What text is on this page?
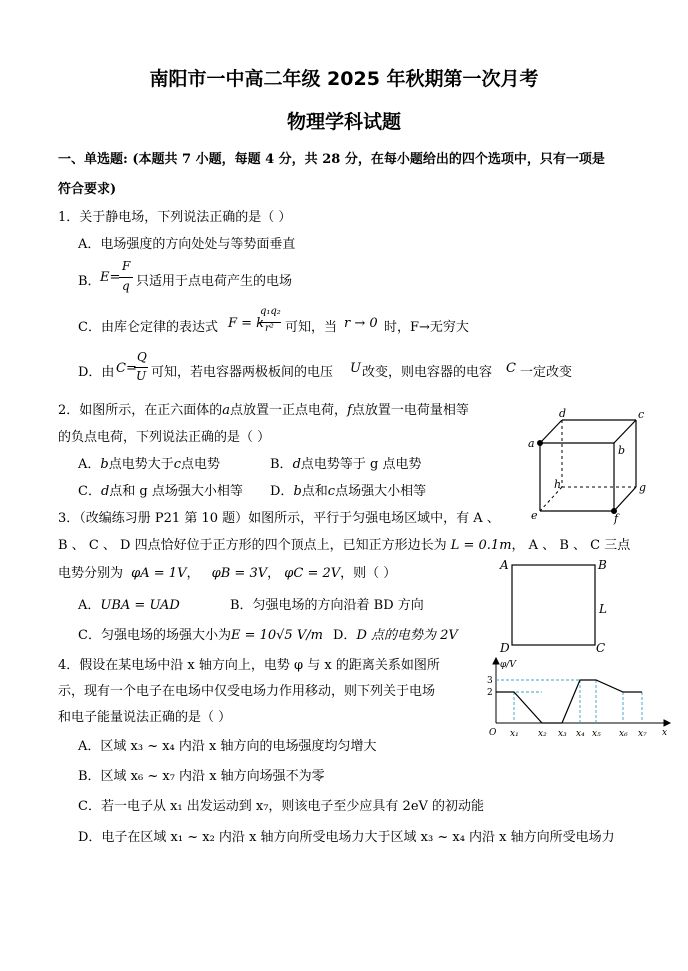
南阳市一中高二年级 2025 年秋期第一次月考
物理学科试题
一、单选题: (本题共 7 小题，每题 4 分，共 28 分，在每小题给出的四个选项中，只有一项是
符合要求)
1．关于静电场，下列说法正确的是（ ）
A．电场强度的方向处处与等势面垂直
B． E=
F
q 只适用于点电荷产生的电场
C．由库仑定律的表达式 F = k
q₁q₂
r² 可知，当 r → 0 时，F→无穷大
D．由 C=
Q
U 可知，若电容器两极板间的电压 U 改变，则电容器的电容 C 一定改变
2．如图所示，在正六面体的a点放置一正点电荷，f点放置一电荷量相等
的负点电荷，下列说法正确的是（ ）
A．b点电势大于c点电势	B．d点电势等于 g 点电势
C．d点和 g 点场强大小相等 D．b点和c点场强大小相等
a
b
c
d
e	f
g
h
3．（改编练习册 P21 第 10 题）如图所示，平行于匀强电场区域中，有 A 、
B 、 C 、 D 四点恰好位于正方形的四个顶点上，已知正方形边长为 L = 0.1m， A 、 B 、 C 三点
电势分别为 φA = 1V， φB = 3V， φC = 2V，则（ ）
A．UBA = UAD	B．匀强电场的方向沿着 BD 方向
C．匀强电场的场强大小为E = 10√5 V/m D．D 点的电势为 2V
A	B
C
D
L
4．假设在某电场中沿 x 轴方向上，电势 φ 与 x 的距离关系如图所
示，现有一个电子在电场中仅受电场力作用移动，则下列关于电场
和电子能量说法正确的是（ ）
A．区域 x₃ ~ x₄ 内沿 x 轴方向的电场强度均匀增大
B．区域 x₆ ~ x₇ 内沿 x 轴方向场强不为零
C．若一电子从 x₁ 出发运动到 x₇，则该电子至少应具有 2eV 的初动能
D．电子在区域 x₁ ~ x₂ 内沿 x 轴方向所受电场力大于区域 x₃ ~ x₄ 内沿 x 轴方向所受电场力
φ/V
3
2
O x₁ x₂ x₃ x₄ x₅ x₆ x₇ x
